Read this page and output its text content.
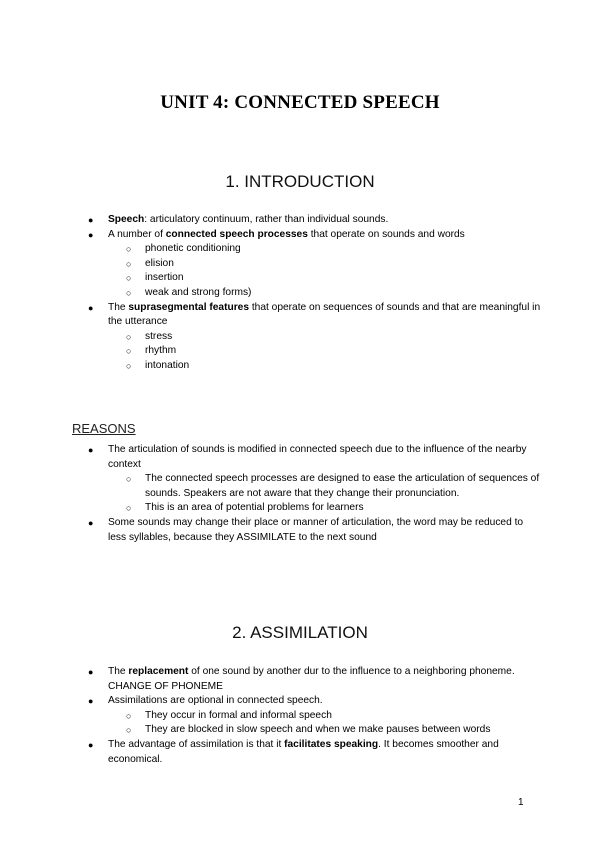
UNIT 4: CONNECTED SPEECH
1. INTRODUCTION
●	Speech: articulatory continuum, rather than individual sounds.
●	A number of connected speech processes that operate on sounds and words
○ phonetic conditioning
○ elision
○ insertion
○ weak and strong forms)
●	The suprasegmental features that operate on sequences of sounds and that are meaningful in the utterance
○ stress
○ rhythm
○ intonation
REASONS
●	The articulation of sounds is modified in connected speech due to the influence of the nearby context
○ The connected speech processes are designed to ease the articulation of sequences of sounds. Speakers are not aware that they change their pronunciation.
○ This is an area of potential problems for learners
●	Some sounds may change their place or manner of articulation, the word may be reduced to less syllables, because they ASSIMILATE to the next sound
2. ASSIMILATION
●	The replacement of one sound by another dur to the influence to a neighboring phoneme. CHANGE OF PHONEME
●	Assimilations are optional in connected speech.
○ They occur in formal and informal speech
○ They are blocked in slow speech and when we make pauses between words
●	The advantage of assimilation is that it facilitates speaking. It becomes smoother and economical.
1
